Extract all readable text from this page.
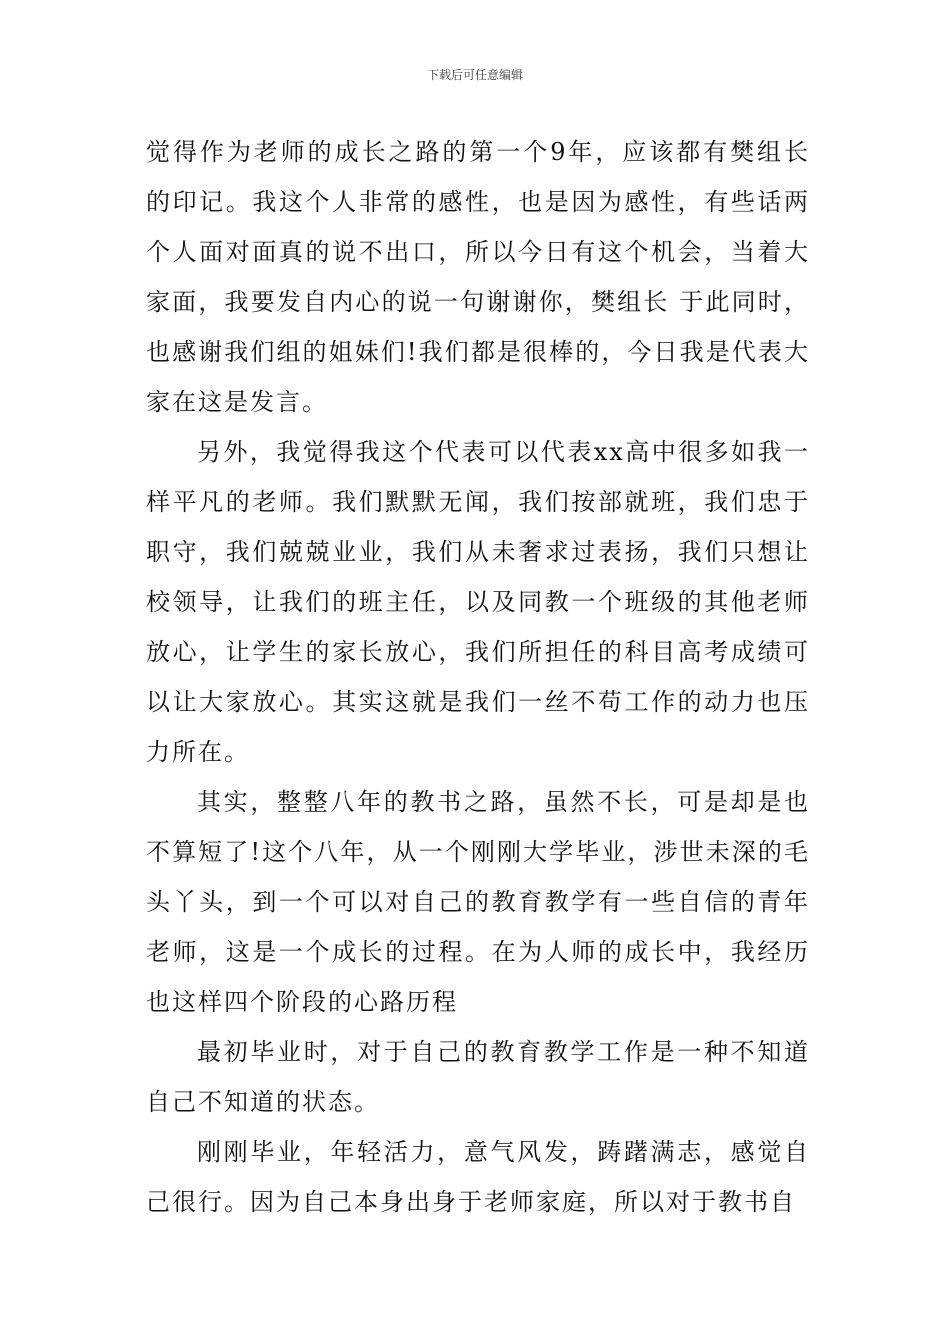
下载后可任意编辑

觉得作为老师的成长之路的第一个9年，应该都有樊组长的印记。我这个人非常的感性，也是因为感性，有些话两个人面对面真的说不出口，所以今日有这个机会，当着大家面，我要发自内心的说一句谢谢你，樊组长 于此同时，也感谢我们组的姐妹们!我们都是很棒的，今日我是代表大家在这是发言。

另外，我觉得我这个代表可以代表xx高中很多如我一样平凡的老师。我们默默无闻，我们按部就班，我们忠于职守，我们兢兢业业，我们从未奢求过表扬，我们只想让校领导，让我们的班主任，以及同教一个班级的其他老师放心，让学生的家长放心，我们所担任的科目高考成绩可以让大家放心。其实这就是我们一丝不苟工作的动力也压力所在。

其实，整整八年的教书之路，虽然不长，可是却是也不算短了!这个八年，从一个刚刚大学毕业，涉世未深的毛头丫头，到一个可以对自己的教育教学有一些自信的青年老师，这是一个成长的过程。在为人师的成长中，我经历也这样四个阶段的心路历程

最初毕业时，对于自己的教育教学工作是一种不知道自己不知道的状态。

刚刚毕业，年轻活力，意气风发，踌躇满志，感觉自己很行。因为自己本身出身于老师家庭，所以对于教书自
